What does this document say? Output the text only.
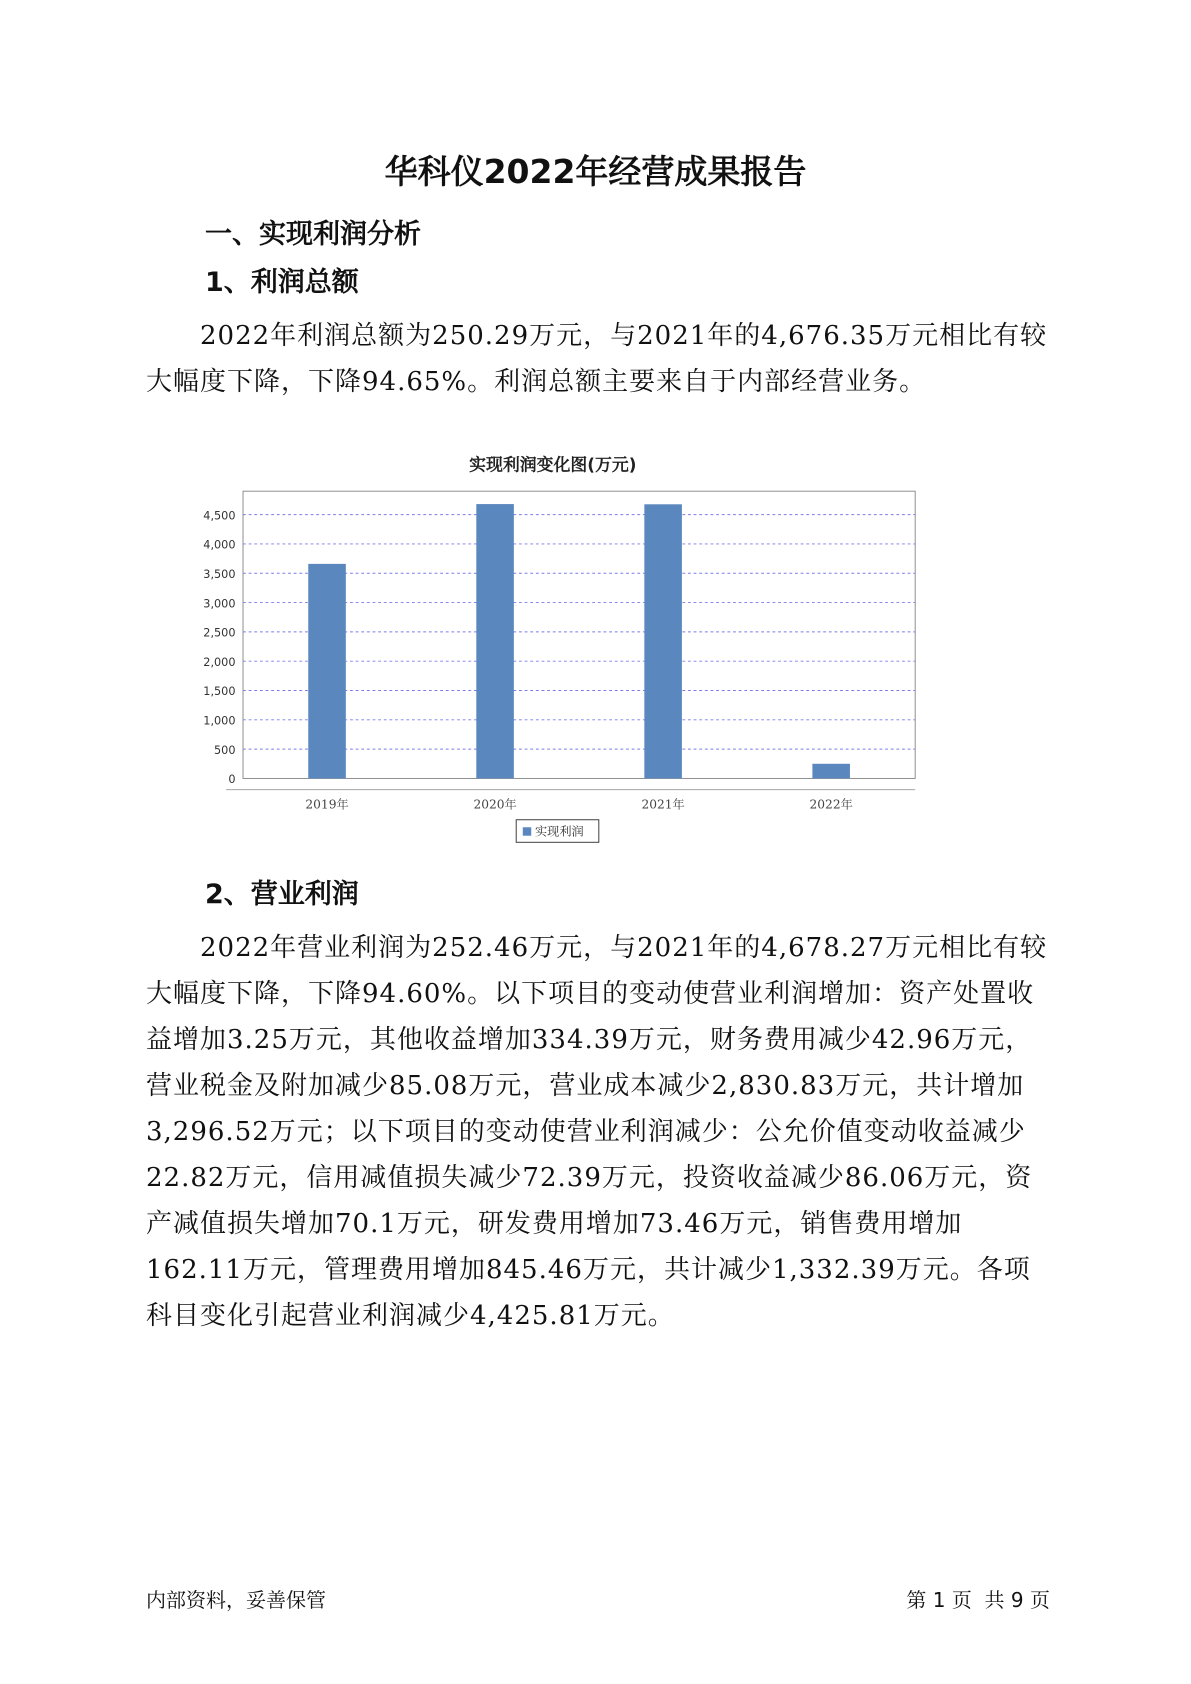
华科仪2022年经营成果报告
一、实现利润分析
1、利润总额

2022年利润总额为250.29万元，与2021年的4,676.35万元相比有较大幅度下降，下降94.65%。利润总额主要来自于内部经营业务。

实现利润变化图(万元)
0
500
1,000
1,500
2,000
2,500
3,000
3,500
4,000
4,500
2019年	2020年	2021年	2022年
实现利润
2、营业利润

2022年营业利润为252.46万元，与2021年的4,678.27万元相比有较大幅度下降，下降94.60%。以下项目的变动使营业利润增加：资产处置收益增加3.25万元，其他收益增加334.39万元，财务费用减少42.96万元，营业税金及附加减少85.08万元，营业成本减少2,830.83万元，共计增加3,296.52万元；以下项目的变动使营业利润减少：公允价值变动收益减少22.82万元，信用减值损失减少72.39万元，投资收益减少86.06万元，资产减值损失增加70.1万元，研发费用增加73.46万元，销售费用增加162.11万元，管理费用增加845.46万元，共计减少1,332.39万元。各项科目变化引起营业利润减少4,425.81万元。

内部资料，妥善保管	第 1 页  共 9 页
